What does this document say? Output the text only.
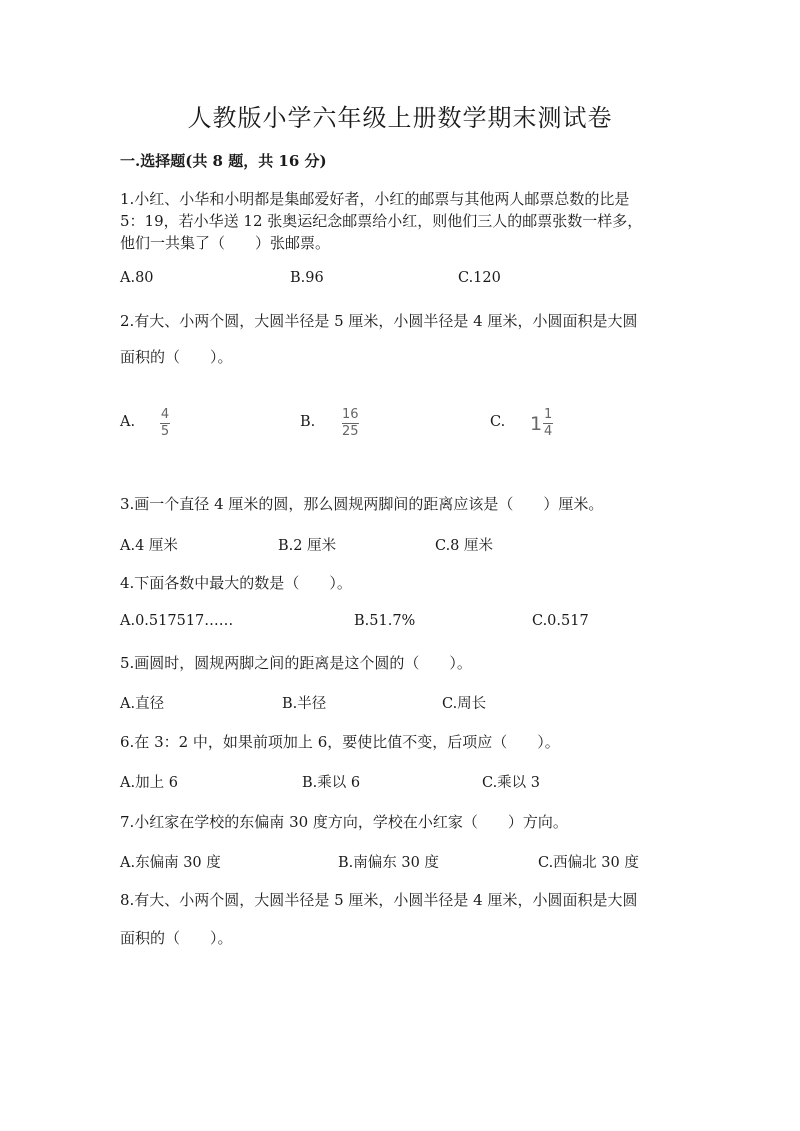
人教版小学六年级上册数学期末测试卷
一.选择题(共 8 题，共 16 分)
1.小红、小华和小明都是集邮爱好者，小红的邮票与其他两人邮票总数的比是
5：19，若小华送 12 张奥运纪念邮票给小红，则他们三人的邮票张数一样多，
他们一共集了（　　）张邮票。
A.80	B.96	C.120
2.有大、小两个圆，大圆半径是 5 厘米，小圆半径是 4 厘米，小圆面积是大圆
面积的（　　）。
A. $\frac{4}{5}$	B. $\frac{16}{25}$	C. $1 \frac{1}{4}$
3.画一个直径 4 厘米的圆，那么圆规两脚间的距离应该是（　　）厘米。
A.4 厘米	B.2 厘米	C.8 厘米
4.下面各数中最大的数是（　　）。
A.0.517517……	B.51.7%	C.0.517
5.画圆时，圆规两脚之间的距离是这个圆的（　　）。
A.直径	B.半径	C.周长
6.在 3：2 中，如果前项加上 6，要使比值不变，后项应（　　）。
A.加上 6	B.乘以 6	C.乘以 3
7.小红家在学校的东偏南 30 度方向，学校在小红家（　　）方向。
A.东偏南 30 度	B.南偏东 30 度	C.西偏北 30 度
8.有大、小两个圆，大圆半径是 5 厘米，小圆半径是 4 厘米，小圆面积是大圆
面积的（　　）。
